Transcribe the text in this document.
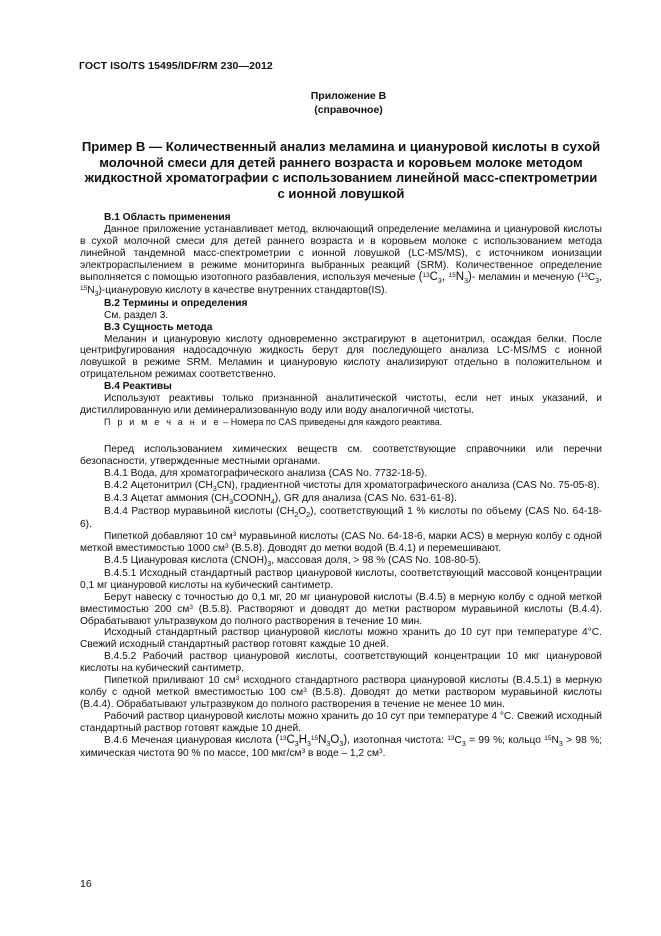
ГОСТ ISO/TS 15495/IDF/RM 230—2012
Приложение В
(справочное)
Пример В — Количественный анализ меламина и циануровой кислоты в сухой
молочной смеси для детей раннего возраста и коровьем молоке методом
жидкостной хроматографии с использованием линейной масс-спектрометрии
с ионной ловушкой

В.1 Область применения

Данное приложение устанавливает метод, включающий определение меламина и циануровой кислоты в сухой молочной смеси для детей раннего возраста и в коровьем молоке с использованием метода линейной тандемной масс-спектрометрии с ионной ловушкой (LC-MS/MS), с источником ионизации электрораспылением в режиме мониторинга выбранных реакций (SRM). Количественное определение выполняется с помощью изотопного разбавления, используя меченые ($^{13}C_3$, $^{15}N_3)-$ меламин и меченую ($^{13}C_3$, $^{15}N_3$)-циануровую кислоту в качестве внутренних стандартов(IS).

В.2 Термины и определения

См. раздел 3.

В.3 Сущность метода

Меланин и циануровую кислоту одновременно экстрагируют в ацетонитрил, осаждая белки. После центрифугирования надосадочную жидкость берут для последующего анализа LC-MS/MS с ионной ловушкой в режиме SRM. Меламин и циануровую кислоту анализируют отдельно в положительном и отрицательном режимах соответственно.

В.4 Реактивы

Используют реактивы только признанной аналитической чистоты, если нет иных указаний, и дистиллированную или деминерализованную воду или воду аналогичной чистоты.

П р и м е ч а н и е – Номера по CAS приведены для каждого реактива.

Перед использованием химических веществ см. соответствующие справочники или перечни безопасности, утвержденные местными органами.

В.4.1 Вода, для хроматографического анализа (CAS No. 7732-18-5).

В.4.2 Ацетонитрил $(CH_3CN)$, градиентной чистоты для хроматографического анализа (CAS No. 75-05-8).

В.4.3 Ацетат аммония $(CH_3COONH_4)$, GR для анализа (CAS No. 631-61-8).

В.4.4 Раствор муравьиной кислоты $(CH_2O_2)$, соответствующий 1 % кислоты по объему (CAS No. 64-18-6).

Пипеткой добавляют 10 $см^3$ муравьиной кислоты (CAS No. 64-18-6, марки ACS) в мерную колбу с одной меткой вместимостью 1000 $см^3$ (В.5.8). Доводят до метки водой (В.4.1) и перемешивают.

В.4.5 Циануровая кислота $(CNOH)_3$, массовая доля, > 98 % (CAS No. 108-80-5).

В.4.5.1 Исходный стандартный раствор циануровой кислоты, соответствующий массовой концентрации 0,1 мг циануровой кислоты на кубический сантиметр.

Берут навеску с точностью до 0,1 мг, 20 мг циануровой кислоты (В.4.5) в мерную колбу с одной меткой вместимостью 200 $см^3$ (В.5.8). Растворяют и доводят до метки раствором муравьиной кислоты (В.4.4). Обрабатывают ультразвуком до полного растворения в течение 10 мин.

Исходный стандартный раствор циануровой кислоты можно хранить до 10 сут при температуре 4°C. Свежий исходный стандартный раствор готовят каждые 10 дней.

В.4.5.2 Рабочий раствор циануровой кислоты, соответствующий концентрации 10 мкг циануровой кислоты на кубический сантиметр.

Пипеткой приливают 10 $см^3$ исходного стандартного раствора циануровой кислоты (В.4.5.1) в мерную колбу с одной меткой вместимостью 100 $см^3$ (В.5.8). Доводят до метки раствором муравьиной кислоты (В.4.4). Обрабатывают ультразвуком до полного растворения в течение не менее 10 мин.

Рабочий раствор циануровой кислоты можно хранить до 10 сут при температуре 4 °C. Свежий исходный стандартный раствор готовят каждые 10 дней.

В.4.6 Меченая циануровая кислота $(^{13}C_3H_3^{15}N_3O_3)$, изотопная чистота: $^{13}C_3 = 99$ %; кольцо $^{15}N_3 > 98$ %; химическая чистота 90 % по массе, 100 мкг/$см^3$ в воде – 1,2 $см^3$.

16
